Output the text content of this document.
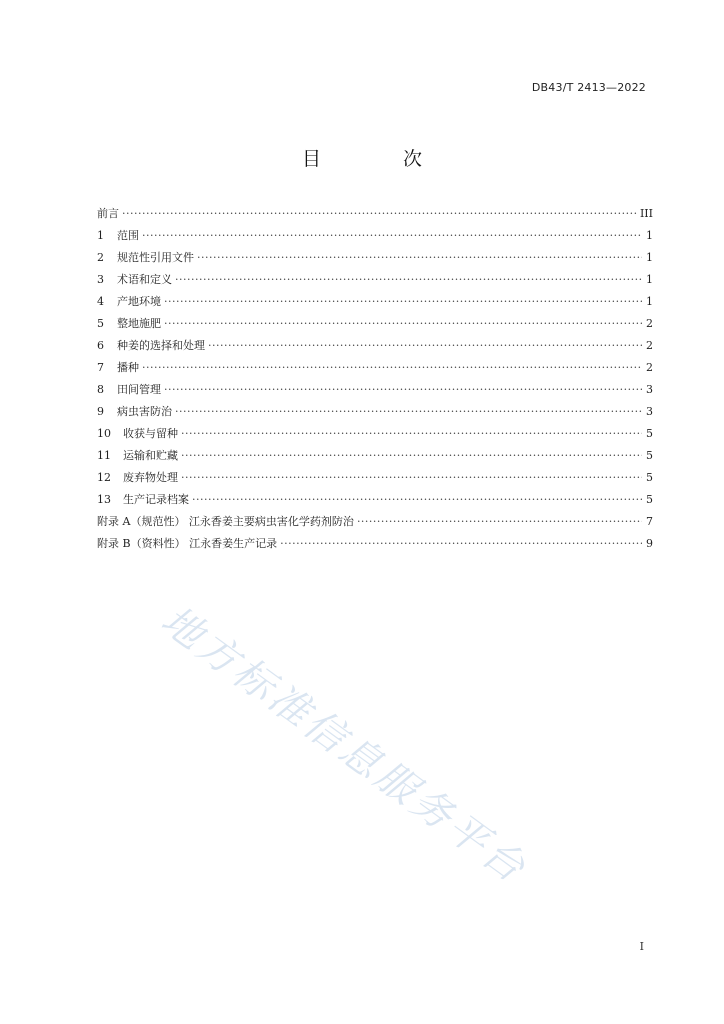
DB43/T 2413—2022
目 次
前言 ·····	III
1 范围 ·····	1
2 规范性引用文件 ·····	1
3 术语和定义 ·····	1
4 产地环境 ·····	1
5 整地施肥 ·····	2
6 种姜的选择和处理 ·····	2
7 播种 ·····	2
8 田间管理 ·····	3
9 病虫害防治 ·····	3
10 收获与留种 ·····	5
11 运输和贮藏 ·····	5
12 废弃物处理 ·····	5
13 生产记录档案 ·····	5
附录 A（规范性） 江永香姜主要病虫害化学药剂防治 ·····	7
附录 B（资料性） 江永香姜生产记录 ·····	9
地方标准信息服务平台
I
